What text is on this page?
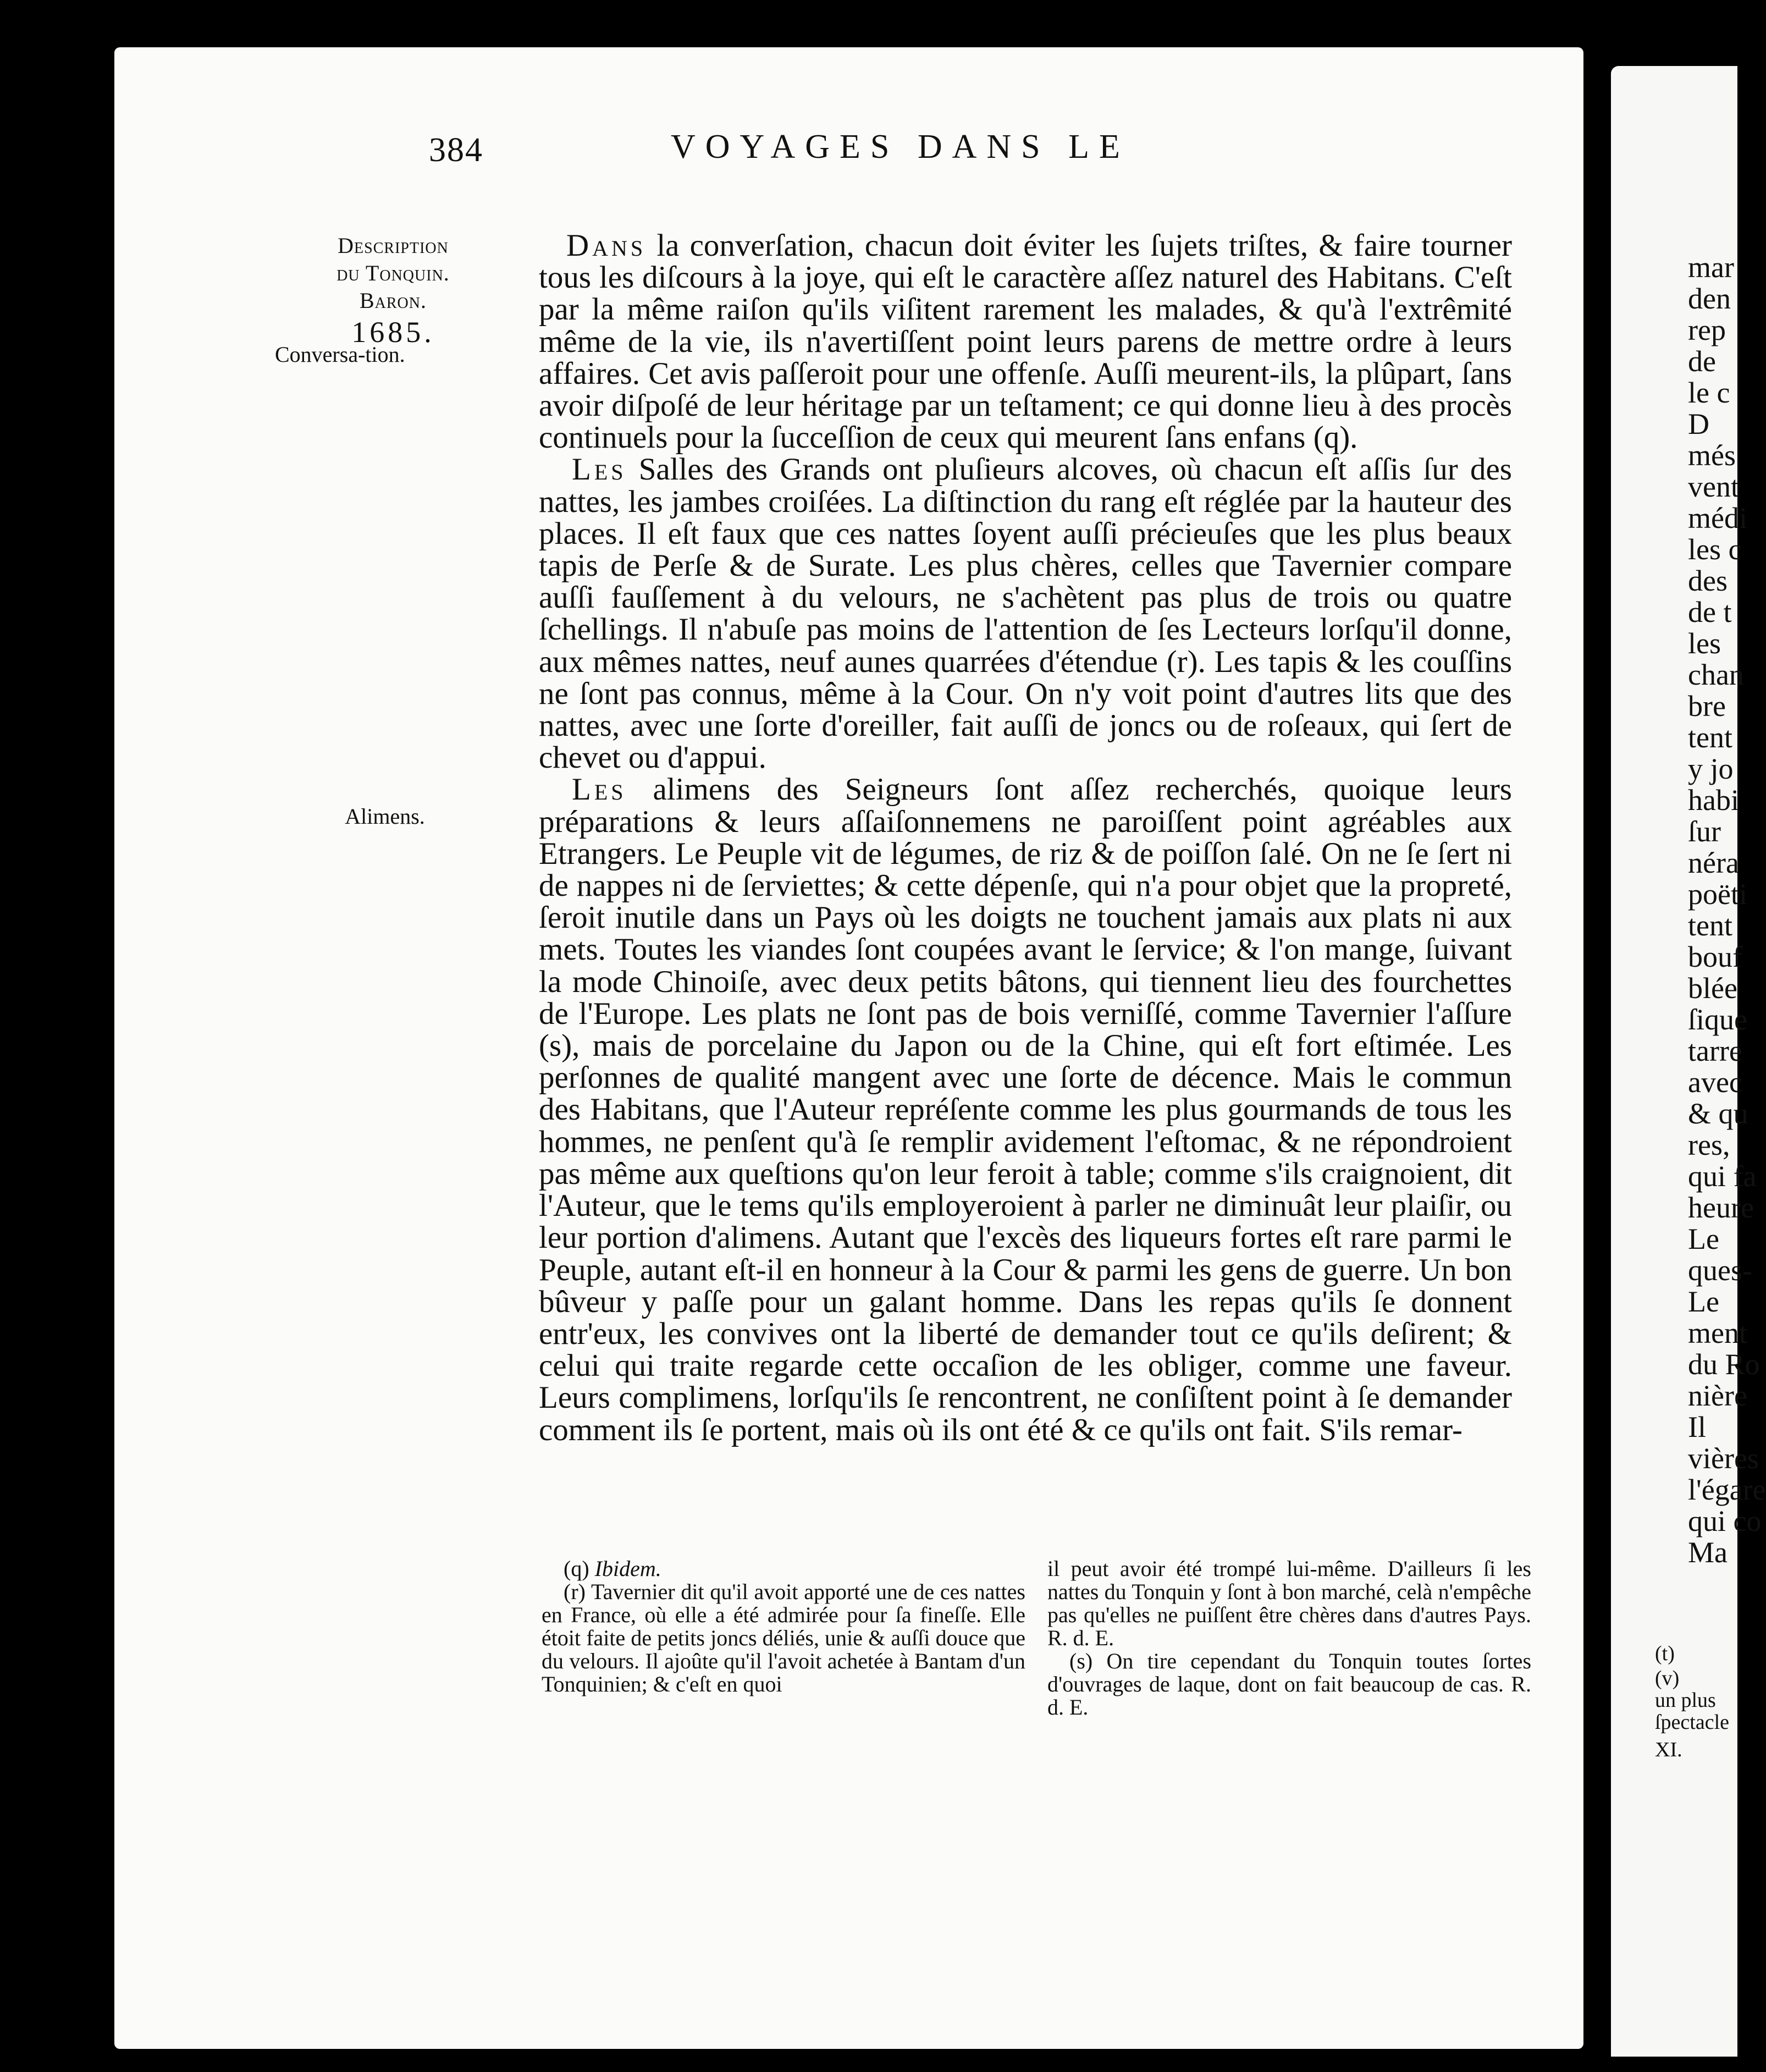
384	VOYAGES DANS LE
Description
du Tonquin.
Baron.
1685.
Conversa-tion.
Alimens.

Dans la converſation, chacun doit éviter les ſujets triſtes, & faire tourner tous les diſcours à la joye, qui eſt le caractère aſſez naturel des Habitans. C'eſt par la même raiſon qu'ils viſitent rarement les malades, & qu'à l'extrêmité même de la vie, ils n'avertiſſent point leurs parens de mettre ordre à leurs affaires. Cet avis paſſeroit pour une offenſe. Auſſi meurent-ils, la plûpart, ſans avoir diſpoſé de leur héritage par un teſtament; ce qui donne lieu à des procès continuels pour la ſucceſſion de ceux qui meurent ſans enfans (q).

Les Salles des Grands ont pluſieurs alcoves, où chacun eſt aſſis ſur des nattes, les jambes croiſées. La diſtinction du rang eſt réglée par la hauteur des places. Il eſt faux que ces nattes ſoyent auſſi précieuſes que les plus beaux tapis de Perſe & de Surate. Les plus chères, celles que Tavernier compare auſſi fauſſement à du velours, ne s'achètent pas plus de trois ou quatre ſchellings. Il n'abuſe pas moins de l'attention de ſes Lecteurs lorſqu'il donne, aux mêmes nattes, neuf aunes quarrées d'étendue (r). Les tapis & les couſſins ne ſont pas connus, même à la Cour. On n'y voit point d'autres lits que des nattes, avec une ſorte d'oreiller, fait auſſi de joncs ou de roſeaux, qui ſert de chevet ou d'appui.

Les alimens des Seigneurs ſont aſſez recherchés, quoique leurs préparations & leurs aſſaiſonnemens ne paroiſſent point agréables aux Etrangers. Le Peuple vit de légumes, de riz & de poiſſon ſalé. On ne ſe ſert ni de nappes ni de ſerviettes; & cette dépenſe, qui n'a pour objet que la propreté, ſeroit inutile dans un Pays où les doigts ne touchent jamais aux plats ni aux mets. Toutes les viandes ſont coupées avant le ſervice; & l'on mange, ſuivant la mode Chinoiſe, avec deux petits bâtons, qui tiennent lieu des fourchettes de l'Europe. Les plats ne ſont pas de bois verniſſé, comme Tavernier l'aſſure (s), mais de porcelaine du Japon ou de la Chine, qui eſt fort eſtimée. Les perſonnes de qualité mangent avec une ſorte de décence. Mais le commun des Habitans, que l'Auteur repréſente comme les plus gourmands de tous les hommes, ne penſent qu'à ſe remplir avidement l'eſtomac, & ne répondroient pas même aux queſtions qu'on leur feroit à table; comme s'ils craignoient, dit l'Auteur, que le tems qu'ils employeroient à parler ne diminuât leur plaiſir, ou leur portion d'alimens. Autant que l'excès des liqueurs fortes eſt rare parmi le Peuple, autant eſt-il en honneur à la Cour & parmi les gens de guerre. Un bon bûveur y paſſe pour un galant homme. Dans les repas qu'ils ſe donnent entr'eux, les convives ont la liberté de demander tout ce qu'ils deſirent; & celui qui traite regarde cette occaſion de les obliger, comme une faveur. Leurs complimens, lorſqu'ils ſe rencontrent, ne conſiſtent point à ſe demander comment ils ſe portent, mais où ils ont été & ce qu'ils ont fait. S'ils remar-

(q) Ibidem.

(r) Tavernier dit qu'il avoit apporté une de ces nattes en France, où elle a été admirée pour ſa fineſſe. Elle étoit faite de petits joncs déliés, unie & auſſi douce que du velours. Il ajoûte qu'il l'avoit achetée à Bantam d'un Tonquinien; & c'eſt en quoi

il peut avoir été trompé lui-même. D'ailleurs ſi les nattes du Tonquin y ſont à bon marché, celà n'empêche pas qu'elles ne puiſſent être chères dans d'autres Pays. R. d. E.

(s) On tire cependant du Tonquin toutes ſortes d'ouvrages de laque, dont on fait beaucoup de cas. R. d. E.

mar
den
rep
de
le c
D
més
vent
médi
les c
des
de t
les
chan
bre
tent
y jo
habi
ſur
néra
poëti
tent
bouf
blée
ſique
tarre
avec
& qu
res,
qui fa
heure
Le
ques-
Le
ment
du Ro
nière
Il
vières
l'égare
qui co
Ma
(t)
(v)
un plus
ſpectacle
XI.
